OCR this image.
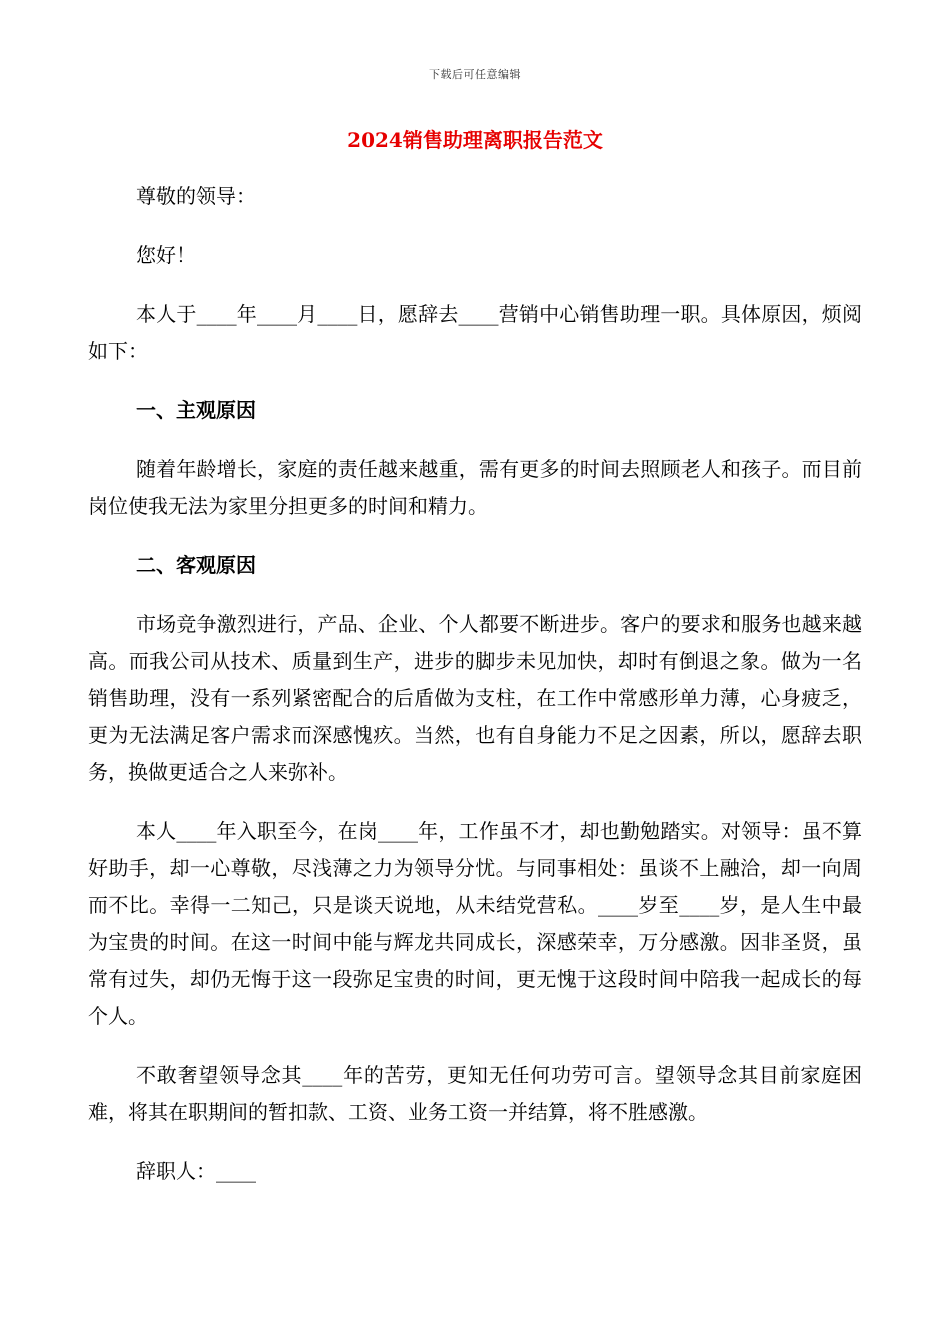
下载后可任意编辑
2024销售助理离职报告范文

尊敬的领导：

您好！

本人于____年____月____日，愿辞去____营销中心销售助理一职。具体原因，烦阅如下：

一、主观原因

随着年龄增长，家庭的责任越来越重，需有更多的时间去照顾老人和孩子。而目前岗位使我无法为家里分担更多的时间和精力。

二、客观原因

市场竞争激烈进行，产品、企业、个人都要不断进步。客户的要求和服务也越来越高。而我公司从技术、质量到生产，进步的脚步未见加快，却时有倒退之象。做为一名销售助理，没有一系列紧密配合的后盾做为支柱，在工作中常感形单力薄，心身疲乏，更为无法满足客户需求而深感愧疚。当然，也有自身能力不足之因素，所以，愿辞去职务，换做更适合之人来弥补。

本人____年入职至今，在岗____年，工作虽不才，却也勤勉踏实。对领导：虽不算好助手，却一心尊敬，尽浅薄之力为领导分忧。与同事相处：虽谈不上融洽，却一向周而不比。幸得一二知己，只是谈天说地，从未结党营私。____岁至____岁，是人生中最为宝贵的时间。在这一时间中能与辉龙共同成长，深感荣幸，万分感激。因非圣贤，虽常有过失，却仍无悔于这一段弥足宝贵的时间，更无愧于这段时间中陪我一起成长的每个人。

不敢奢望领导念其____年的苦劳，更知无任何功劳可言。望领导念其目前家庭困难，将其在职期间的暂扣款、工资、业务工资一并结算，将不胜感激。

辞职人：____
